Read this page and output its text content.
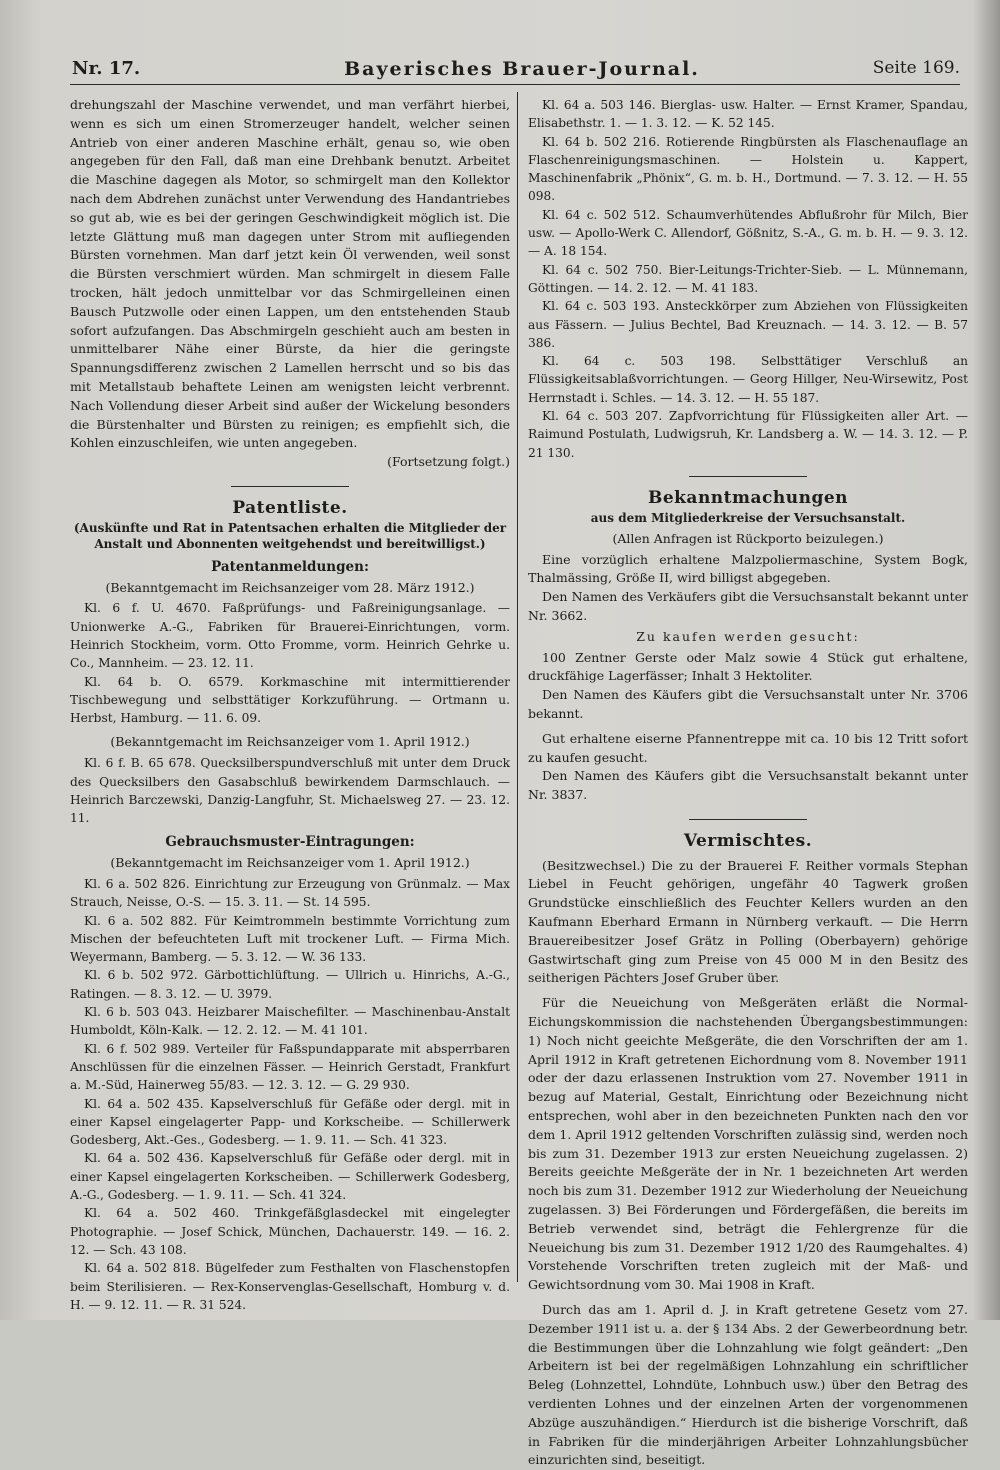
Nr. 17.	Bayerisches Brauer-Journal.	Seite 169.

drehungszahl der Maschine verwendet, und man verfährt hierbei, wenn es sich um einen Stromerzeuger handelt, welcher seinen Antrieb von einer anderen Maschine erhält, genau so, wie oben angegeben für den Fall, daß man eine Drehbank benutzt. Arbeitet die Maschine dagegen als Motor, so schmirgelt man den Kollektor nach dem Abdrehen zunächst unter Verwendung des Handantriebes so gut ab, wie es bei der geringen Geschwindigkeit möglich ist. Die letzte Glättung muß man dagegen unter Strom mit aufliegenden Bürsten vornehmen. Man darf jetzt kein Öl verwenden, weil sonst die Bürsten verschmiert würden. Man schmirgelt in diesem Falle trocken, hält jedoch unmittelbar vor das Schmirgelleinen einen Bausch Putzwolle oder einen Lappen, um den entstehenden Staub sofort aufzufangen. Das Abschmirgeln geschieht auch am besten in unmittelbarer Nähe einer Bürste, da hier die geringste Spannungsdifferenz zwischen 2 Lamellen herrscht und so bis das mit Metallstaub behaftete Leinen am wenigsten leicht verbrennt. Nach Vollendung dieser Arbeit sind außer der Wickelung besonders die Bürstenhalter und Bürsten zu reinigen; es empfiehlt sich, die Kohlen einzuschleifen, wie unten angegeben.

(Fortsetzung folgt.)

Patentliste.
(Auskünfte und Rat in Patentsachen erhalten die Mitglieder der Anstalt und Abonnenten weitgehendst und bereitwilligst.)
Patentanmeldungen:
(Bekanntgemacht im Reichsanzeiger vom 28. März 1912.)

Kl. 6 f. U. 4670. Faßprüfungs- und Faßreinigungsanlage. — Unionwerke A.-G., Fabriken für Brauerei-Einrichtungen, vorm. Heinrich Stockheim, vorm. Otto Fromme, vorm. Heinrich Gehrke u. Co., Mannheim. — 23. 12. 11.

Kl. 64 b. O. 6579. Korkmaschine mit intermittierender Tischbewegung und selbsttätiger Korkzuführung. — Ortmann u. Herbst, Hamburg. — 11. 6. 09.

(Bekanntgemacht im Reichsanzeiger vom 1. April 1912.)

Kl. 6 f. B. 65 678. Quecksilberspundverschluß mit unter dem Druck des Quecksilbers den Gasabschluß bewirkendem Darmschlauch. — Heinrich Barczewski, Danzig-Langfuhr, St. Michaelsweg 27. — 23. 12. 11.

Gebrauchsmuster-Eintragungen:
(Bekanntgemacht im Reichsanzeiger vom 1. April 1912.)

Kl. 6 a. 502 826. Einrichtung zur Erzeugung von Grünmalz. — Max Strauch, Neisse, O.-S. — 15. 3. 11. — St. 14 595.

Kl. 6 a. 502 882. Für Keimtrommeln bestimmte Vorrichtung zum Mischen der befeuchteten Luft mit trockener Luft. — Firma Mich. Weyermann, Bamberg. — 5. 3. 12. — W. 36 133.

Kl. 6 b. 502 972. Gärbottichlüftung. — Ullrich u. Hinrichs, A.-G., Ratingen. — 8. 3. 12. — U. 3979.

Kl. 6 b. 503 043. Heizbarer Maischefilter. — Maschinenbau-Anstalt Humboldt, Köln-Kalk. — 12. 2. 12. — M. 41 101.

Kl. 6 f. 502 989. Verteiler für Faßspundapparate mit absperrbaren Anschlüssen für die einzelnen Fässer. — Heinrich Gerstadt, Frankfurt a. M.-Süd, Hainerweg 55/83. — 12. 3. 12. — G. 29 930.

Kl. 64 a. 502 435. Kapselverschluß für Gefäße oder dergl. mit in einer Kapsel eingelagerter Papp- und Korkscheibe. — Schillerwerk Godesberg, Akt.-Ges., Godesberg. — 1. 9. 11. — Sch. 41 323.

Kl. 64 a. 502 436. Kapselverschluß für Gefäße oder dergl. mit in einer Kapsel eingelagerten Korkscheiben. — Schillerwerk Godesberg, A.-G., Godesberg. — 1. 9. 11. — Sch. 41 324.

Kl. 64 a. 502 460. Trinkgefäßglasdeckel mit eingelegter Photographie. — Josef Schick, München, Dachauerstr. 149. — 16. 2. 12. — Sch. 43 108.

Kl. 64 a. 502 818. Bügelfeder zum Festhalten von Flaschenstopfen beim Sterilisieren. — Rex-Konservenglas-Gesellschaft, Homburg v. d. H. — 9. 12. 11. — R. 31 524.

Kl. 64 a. 503 146. Bierglas- usw. Halter. — Ernst Kramer, Spandau, Elisabethstr. 1. — 1. 3. 12. — K. 52 145.

Kl. 64 b. 502 216. Rotierende Ringbürsten als Flaschenauflage an Flaschenreinigungsmaschinen. — Holstein u. Kappert, Maschinenfabrik „Phönix“, G. m. b. H., Dortmund. — 7. 3. 12. — H. 55 098.

Kl. 64 c. 502 512. Schaumverhütendes Abflußrohr für Milch, Bier usw. — Apollo-Werk C. Allendorf, Gößnitz, S.-A., G. m. b. H. — 9. 3. 12. — A. 18 154.

Kl. 64 c. 502 750. Bier-Leitungs-Trichter-Sieb. — L. Münnemann, Göttingen. — 14. 2. 12. — M. 41 183.

Kl. 64 c. 503 193. Ansteckkörper zum Abziehen von Flüssigkeiten aus Fässern. — Julius Bechtel, Bad Kreuznach. — 14. 3. 12. — B. 57 386.

Kl. 64 c. 503 198. Selbsttätiger Verschluß an Flüssigkeitsablaßvorrichtungen. — Georg Hillger, Neu-Wirsewitz, Post Herrnstadt i. Schles. — 14. 3. 12. — H. 55 187.

Kl. 64 c. 503 207. Zapfvorrichtung für Flüssigkeiten aller Art. — Raimund Postulath, Ludwigsruh, Kr. Landsberg a. W. — 14. 3. 12. — P. 21 130.

Bekanntmachungen
aus dem Mitgliederkreise der Versuchsanstalt.
(Allen Anfragen ist Rückporto beizulegen.)

Eine vorzüglich erhaltene Malzpoliermaschine, System Bogk, Thalmässing, Größe II, wird billigst abgegeben.

Den Namen des Verkäufers gibt die Versuchsanstalt bekannt unter Nr. 3662.

Zu kaufen werden gesucht:

100 Zentner Gerste oder Malz sowie 4 Stück gut erhaltene, druckfähige Lagerfässer; Inhalt 3 Hektoliter.

Den Namen des Käufers gibt die Versuchsanstalt unter Nr. 3706 bekannt.

Gut erhaltene eiserne Pfannentreppe mit ca. 10 bis 12 Tritt sofort zu kaufen gesucht.

Den Namen des Käufers gibt die Versuchsanstalt bekannt unter Nr. 3837.

Vermischtes.

(Besitzwechsel.) Die zu der Brauerei F. Reither vormals Stephan Liebel in Feucht gehörigen, ungefähr 40 Tagwerk großen Grundstücke einschließlich des Feuchter Kellers wurden an den Kaufmann Eberhard Ermann in Nürnberg verkauft. — Die Herrn Brauereibesitzer Josef Grätz in Polling (Oberbayern) gehörige Gastwirtschaft ging zum Preise von 45 000 M in den Besitz des seitherigen Pächters Josef Gruber über.

Für die Neueichung von Meßgeräten erläßt die Normal-Eichungskommission die nachstehenden Übergangsbestimmungen: 1) Noch nicht geeichte Meßgeräte, die den Vorschriften der am 1. April 1912 in Kraft getretenen Eichordnung vom 8. November 1911 oder der dazu erlassenen Instruktion vom 27. November 1911 in bezug auf Material, Gestalt, Einrichtung oder Bezeichnung nicht entsprechen, wohl aber in den bezeichneten Punkten nach den vor dem 1. April 1912 geltenden Vorschriften zulässig sind, werden noch bis zum 31. Dezember 1913 zur ersten Neueichung zugelassen. 2) Bereits geeichte Meßgeräte der in Nr. 1 bezeichneten Art werden noch bis zum 31. Dezember 1912 zur Wiederholung der Neueichung zugelassen. 3) Bei Förderungen und Fördergefäßen, die bereits im Betrieb verwendet sind, beträgt die Fehlergrenze für die Neueichung bis zum 31. Dezember 1912 1/20 des Raumgehaltes. 4) Vorstehende Vorschriften treten zugleich mit der Maß- und Gewichtsordnung vom 30. Mai 1908 in Kraft.

Durch das am 1. April d. J. in Kraft getretene Gesetz vom 27. Dezember 1911 ist u. a. der § 134 Abs. 2 der Gewerbeordnung betr. die Bestimmungen über die Lohnzahlung wie folgt geändert: „Den Arbeitern ist bei der regelmäßigen Lohnzahlung ein schriftlicher Beleg (Lohnzettel, Lohndüte, Lohnbuch usw.) über den Betrag des verdienten Lohnes und der einzelnen Arten der vorgenommenen Abzüge auszuhändigen.“ Hierdurch ist die bisherige Vorschrift, daß in Fabriken für die minderjährigen Arbeiter Lohnzahlungsbücher einzurichten sind, beseitigt.
